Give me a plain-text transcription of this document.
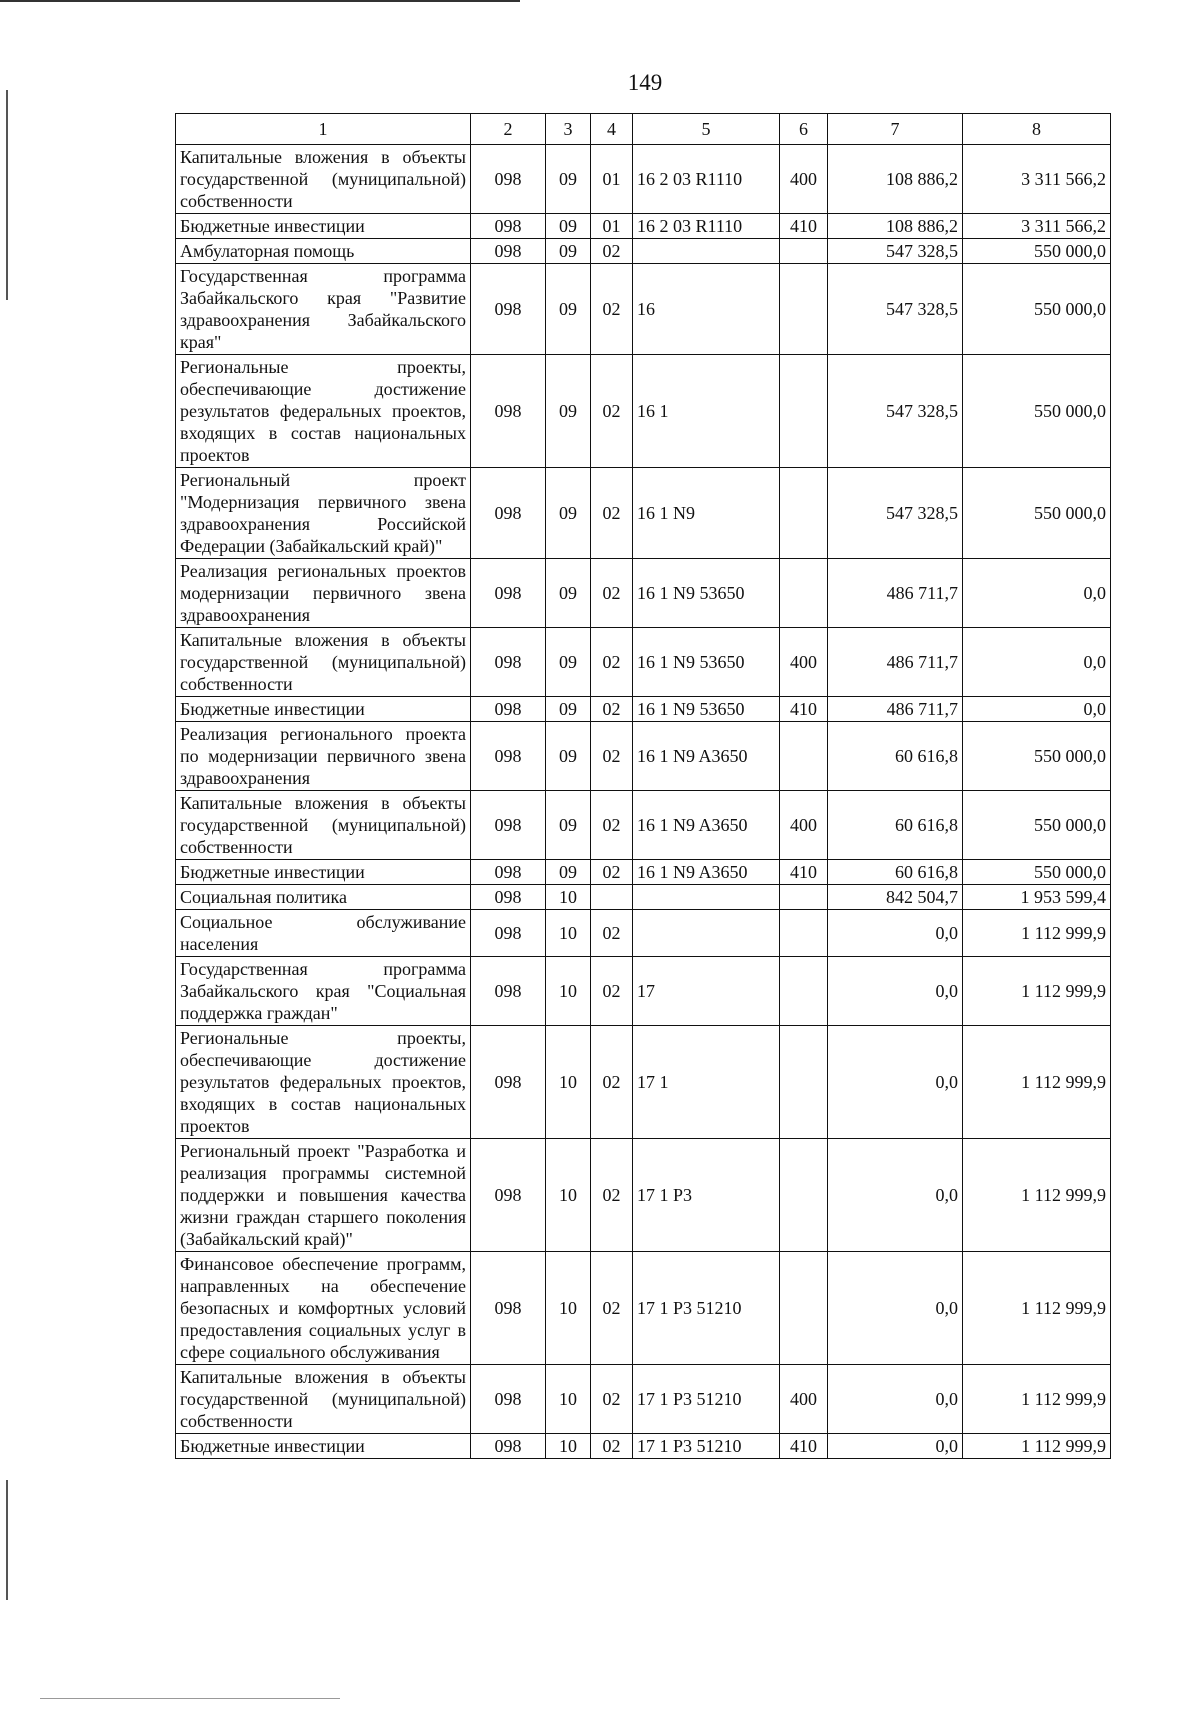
149
1	2	3	4	5	6	7	8
Капитальные вложения в объекты государственной (муниципальной) собственности	098	09	01	16 2 03 R1110	400	108 886,2	3 311 566,2
Бюджетные инвестиции	098	09	01	16 2 03 R1110	410	108 886,2	3 311 566,2
Амбулаторная помощь	098	09	02			547 328,5	550 000,0
Государственная программа Забайкальского края "Развитие здравоохранения Забайкальского края"	098	09	02	16		547 328,5	550 000,0
Региональные проекты, обеспечивающие достижение результатов федеральных проектов, входящих в состав национальных проектов	098	09	02	16 1		547 328,5	550 000,0
Региональный проект "Модернизация первичного звена здравоохранения Российской Федерации (Забайкальский край)"	098	09	02	16 1 N9		547 328,5	550 000,0
Реализация региональных проектов модернизации первичного звена здравоохранения	098	09	02	16 1 N9 53650		486 711,7	0,0
Капитальные вложения в объекты государственной (муниципальной) собственности	098	09	02	16 1 N9 53650	400	486 711,7	0,0
Бюджетные инвестиции	098	09	02	16 1 N9 53650	410	486 711,7	0,0
Реализация регионального проекта по модернизации первичного звена здравоохранения	098	09	02	16 1 N9 A3650		60 616,8	550 000,0
Капитальные вложения в объекты государственной (муниципальной) собственности	098	09	02	16 1 N9 A3650	400	60 616,8	550 000,0
Бюджетные инвестиции	098	09	02	16 1 N9 A3650	410	60 616,8	550 000,0
Социальная политика	098	10				842 504,7	1 953 599,4
Социальное обслуживание населения	098	10	02			0,0	1 112 999,9
Государственная программа Забайкальского края "Социальная поддержка граждан"	098	10	02	17		0,0	1 112 999,9
Региональные проекты, обеспечивающие достижение результатов федеральных проектов, входящих в состав национальных проектов	098	10	02	17 1		0,0	1 112 999,9
Региональный проект "Разработка и реализация программы системной поддержки и повышения качества жизни граждан старшего поколения (Забайкальский край)"	098	10	02	17 1 P3		0,0	1 112 999,9
Финансовое обеспечение программ, направленных на обеспечение безопасных и комфортных условий предоставления социальных услуг в сфере социального обслуживания	098	10	02	17 1 P3 51210		0,0	1 112 999,9
Капитальные вложения в объекты государственной (муниципальной) собственности	098	10	02	17 1 P3 51210	400	0,0	1 112 999,9
Бюджетные инвестиции	098	10	02	17 1 P3 51210	410	0,0	1 112 999,9
